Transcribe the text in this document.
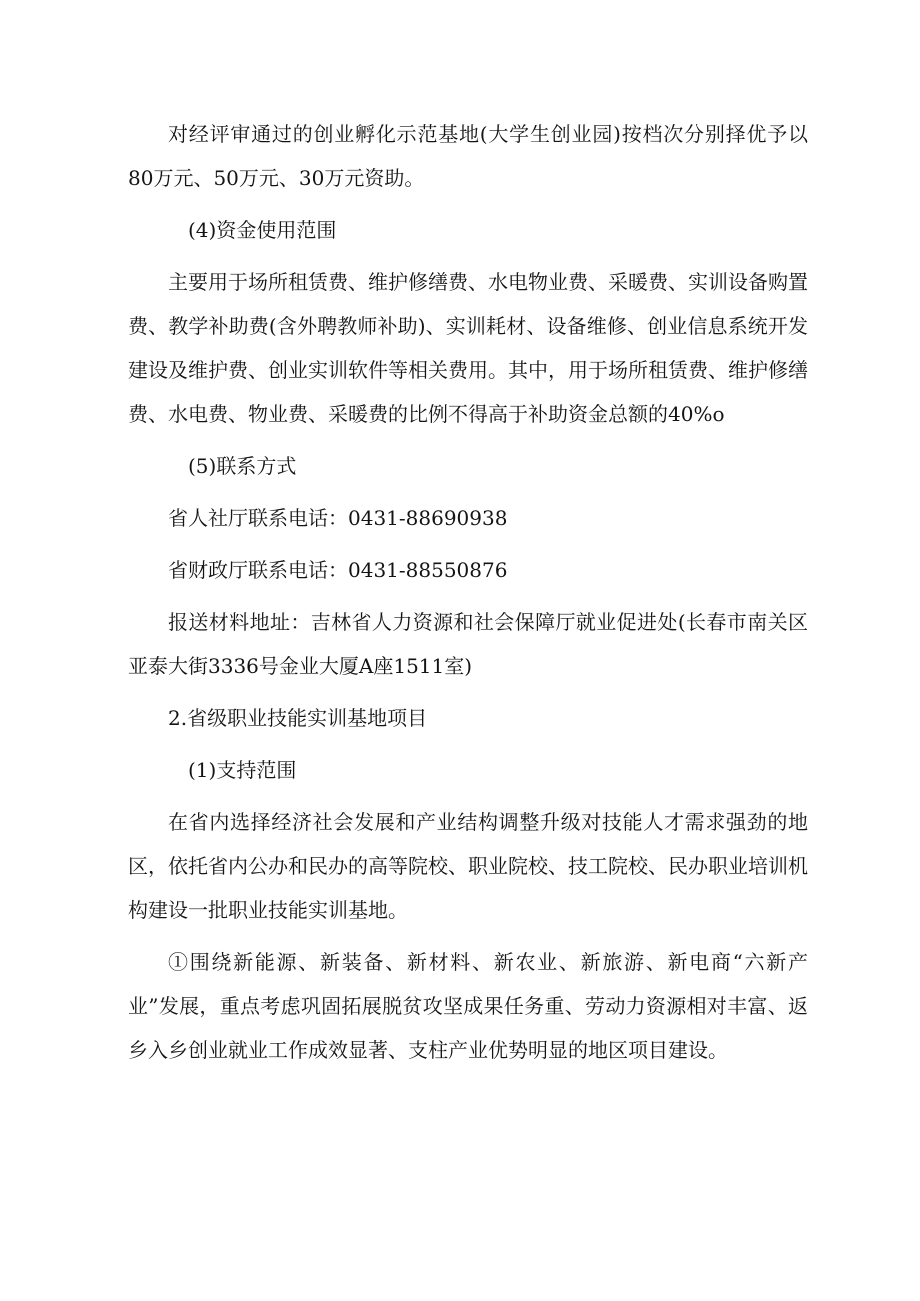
对经评审通过的创业孵化示范基地(大学生创业园)按档次分别择优予以80万元、50万元、30万元资助。

(4)资金使用范围

主要用于场所租赁费、维护修缮费、水电物业费、采暖费、实训设备购置费、教学补助费(含外聘教师补助)、实训耗材、设备维修、创业信息系统开发建设及维护费、创业实训软件等相关费用。其中，用于场所租赁费、维护修缮费、水电费、物业费、采暖费的比例不得高于补助资金总额的40%o

(5)联系方式

省人社厅联系电话：0431-88690938

省财政厅联系电话：0431-88550876

报送材料地址：吉林省人力资源和社会保障厅就业促进处(长春市南关区亚泰大街3336号金业大厦A座1511室)

2.省级职业技能实训基地项目

(1)支持范围

在省内选择经济社会发展和产业结构调整升级对技能人才需求强劲的地区，依托省内公办和民办的高等院校、职业院校、技工院校、民办职业培训机构建设一批职业技能实训基地。

①围绕新能源、新装备、新材料、新农业、新旅游、新电商“六新产业”发展，重点考虑巩固拓展脱贫攻坚成果任务重、劳动力资源相对丰富、返乡入乡创业就业工作成效显著、支柱产业优势明显的地区项目建设。
